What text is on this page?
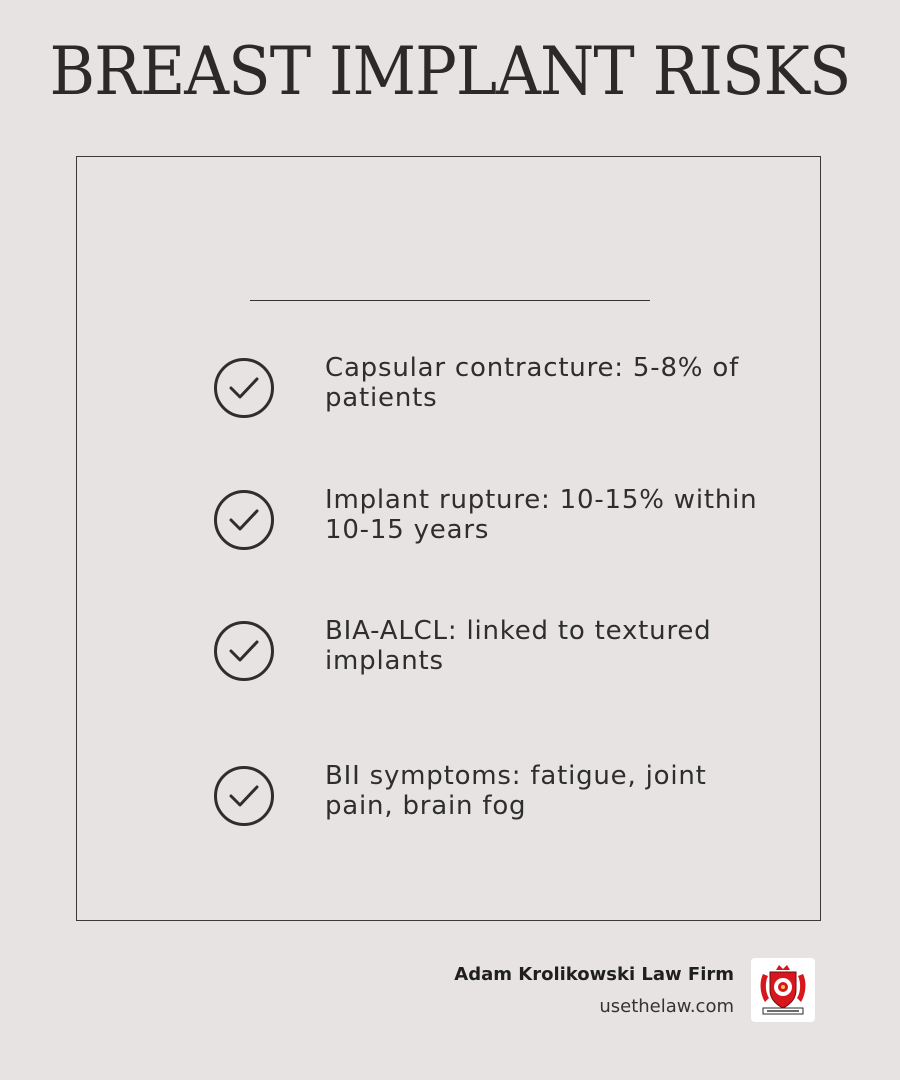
BREAST IMPLANT RISKS
Capsular contracture: 5-8% of patients
Implant rupture: 10-15% within 10-15 years
BIA-ALCL: linked to textured implants
BII symptoms: fatigue, joint pain, brain fog
Adam Krolikowski Law Firm
usethelaw.com
